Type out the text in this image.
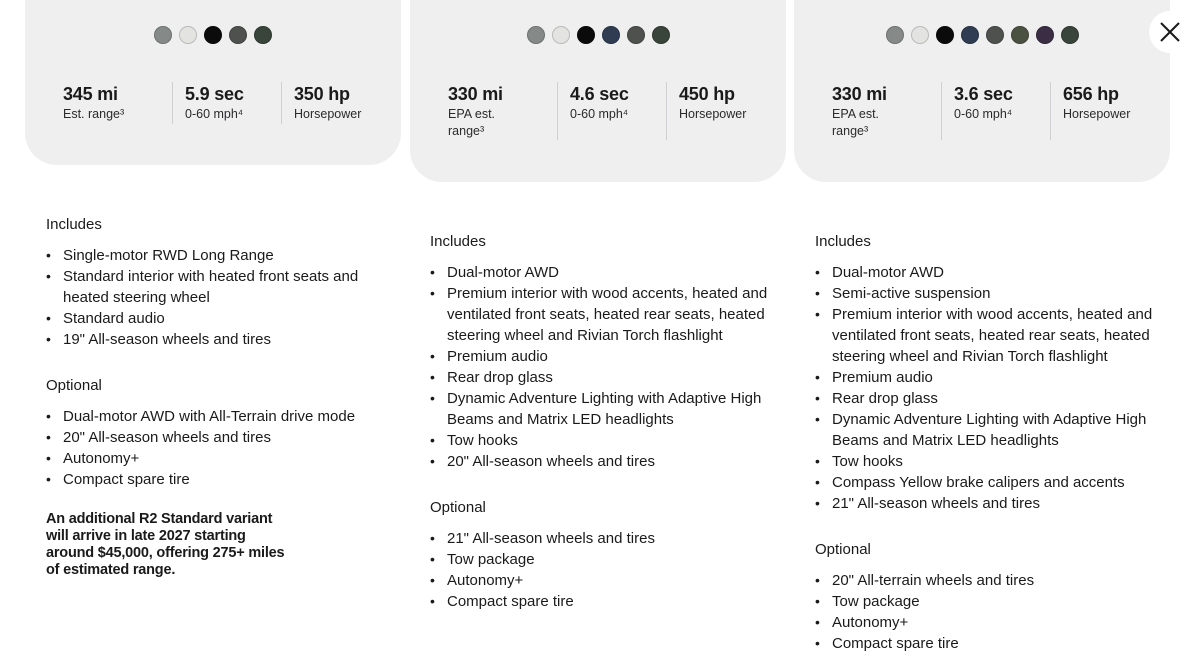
345 mi
Est. range³
5.9 sec
0-60 mph⁴
350 hp
Horsepower
330 mi
EPA est. range³
4.6 sec
0-60 mph⁴
450 hp
Horsepower
330 mi
EPA est. range³
3.6 sec
0-60 mph⁴
656 hp
Horsepower
Includes
• Single-motor RWD Long Range
• Standard interior with heated front seats and heated steering wheel
• Standard audio
• 19" All-season wheels and tires
Optional
• Dual-motor AWD with All-Terrain drive mode
• 20" All-season wheels and tires
• Autonomy+
• Compact spare tire
An additional R2 Standard variant will arrive in late 2027 starting around $45,000, offering 275+ miles of estimated range.
Includes
• Dual-motor AWD
• Premium interior with wood accents, heated and ventilated front seats, heated rear seats, heated steering wheel and Rivian Torch flashlight
• Premium audio
• Rear drop glass
• Dynamic Adventure Lighting with Adaptive High Beams and Matrix LED headlights
• Tow hooks
• 20" All-season wheels and tires
Optional
• 21" All-season wheels and tires
• Tow package
• Autonomy+
• Compact spare tire
Includes
• Dual-motor AWD
• Semi-active suspension
• Premium interior with wood accents, heated and ventilated front seats, heated rear seats, heated steering wheel and Rivian Torch flashlight
• Premium audio
• Rear drop glass
• Dynamic Adventure Lighting with Adaptive High Beams and Matrix LED headlights
• Tow hooks
• Compass Yellow brake calipers and accents
• 21" All-season wheels and tires
Optional
• 20" All-terrain wheels and tires
• Tow package
• Autonomy+
• Compact spare tire
